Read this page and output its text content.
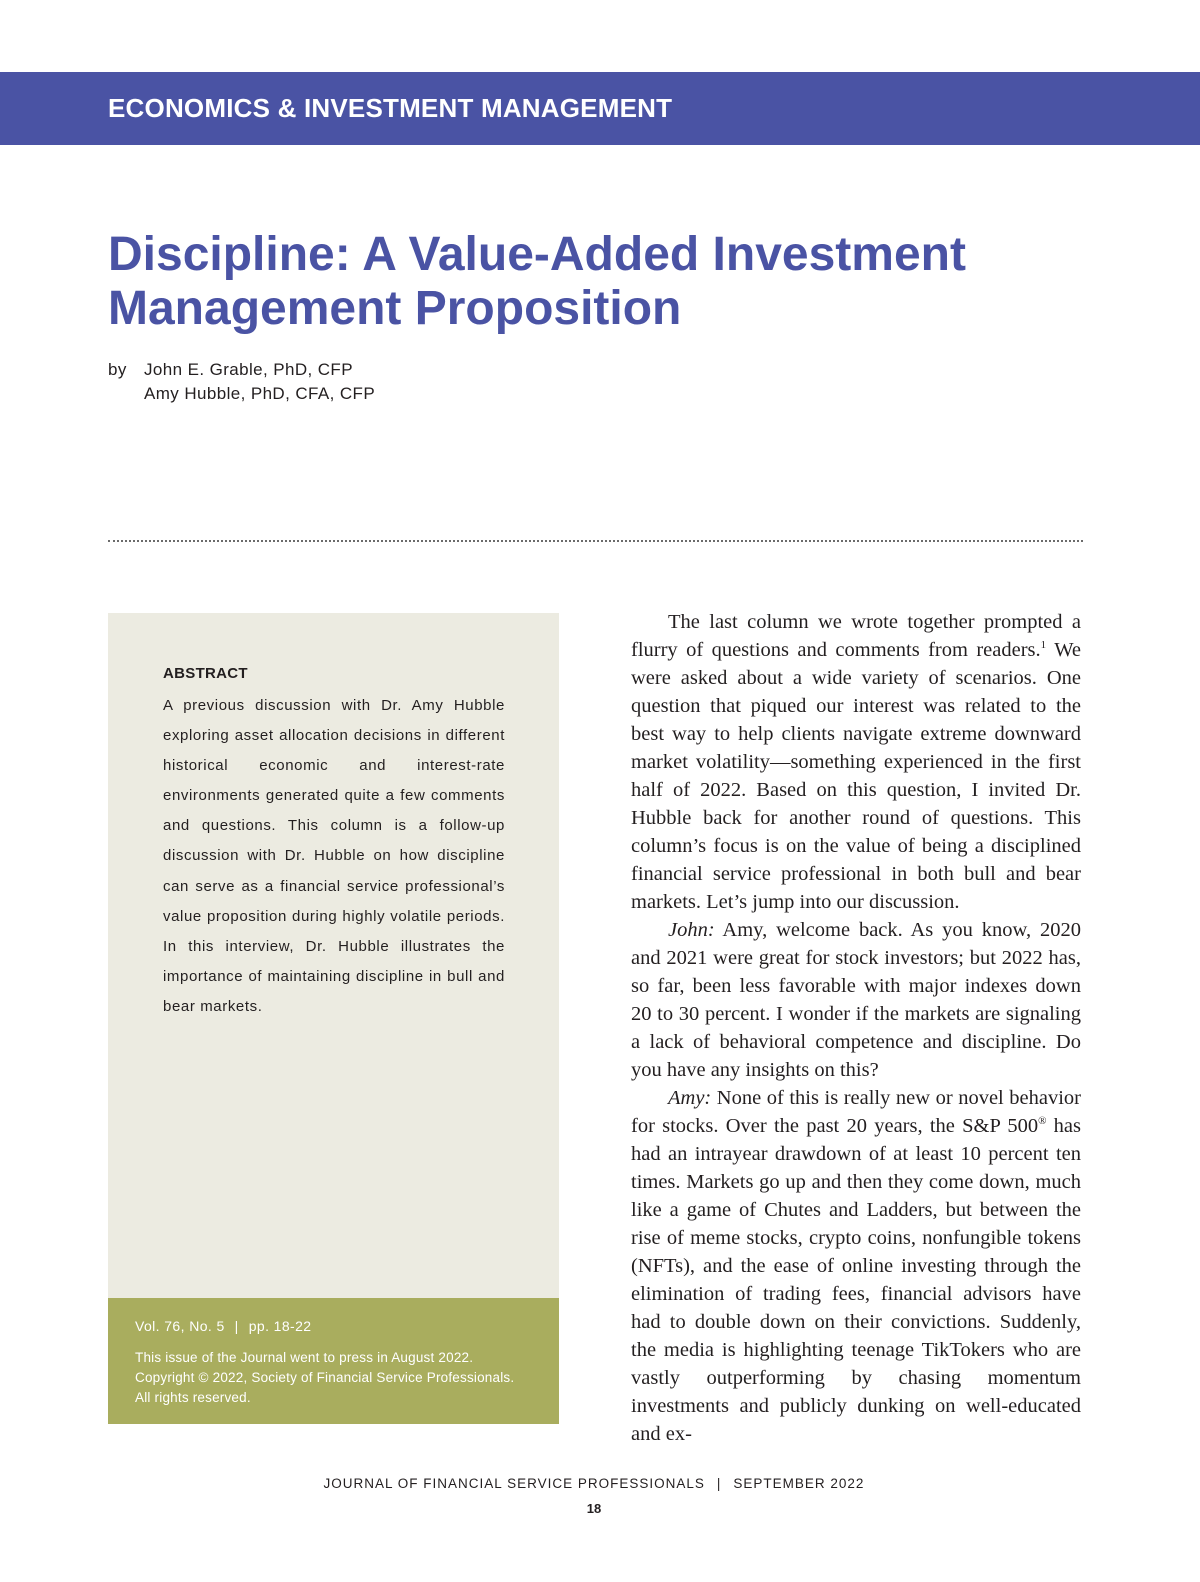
ECONOMICS & INVESTMENT MANAGEMENT
Discipline: A Value-Added Investment
Management Proposition
by John E. Grable, PhD, CFP
Amy Hubble, PhD, CFA, CFP
ABSTRACT

A previous discussion with Dr. Amy Hubble exploring asset allocation decisions in different historical economic and interest-rate environments generated quite a few comments and questions. This column is a follow-up discussion with Dr. Hubble on how discipline can serve as a financial service professional’s value proposition during highly volatile periods. In this interview, Dr. Hubble illustrates the importance of maintaining discipline in bull and bear markets.

Vol. 76, No. 5 | pp. 18-22

This issue of the Journal went to press in August 2022.
Copyright © 2022, Society of Financial Service Professionals.
All rights reserved.

The last column we wrote together prompted a flurry of questions and comments from readers.$^1$ We were asked about a wide variety of scenarios. One question that piqued our interest was related to the best way to help clients navigate extreme downward market volatility—something experienced in the first half of 2022. Based on this question, I invited Dr. Hubble back for another round of questions. This column’s focus is on the value of being a disciplined financial service professional in both bull and bear markets. Let’s jump into our discussion.

John: Amy, welcome back. As you know, 2020 and 2021 were great for stock investors; but 2022 has, so far, been less favorable with major indexes down 20 to 30 percent. I wonder if the markets are signaling a lack of behavioral competence and discipline. Do you have any insights on this?

Amy: None of this is really new or novel behavior for stocks. Over the past 20 years, the S&P 500® has had an intrayear drawdown of at least 10 percent ten times. Markets go up and then they come down, much like a game of Chutes and Ladders, but between the rise of meme stocks, crypto coins, nonfungible tokens (NFTs), and the ease of online investing through the elimination of trading fees, financial advisors have had to double down on their convictions. Suddenly, the media is highlighting teenage TikTokers who are vastly outperforming by chasing momentum investments and publicly dunking on well-educated and ex-

JOURNAL OF FINANCIAL SERVICE PROFESSIONALS | SEPTEMBER 2022
18
